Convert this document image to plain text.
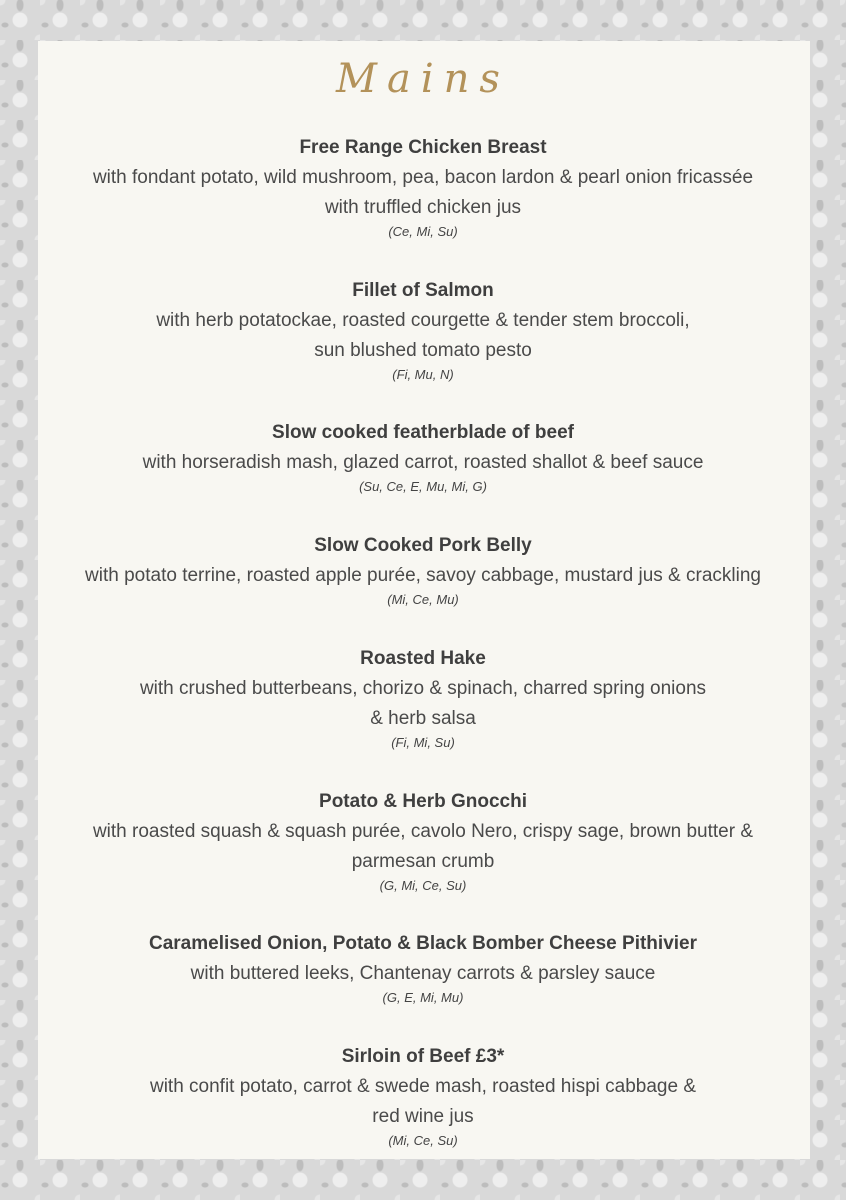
Mains
Free Range Chicken Breast
with fondant potato, wild mushroom, pea, bacon lardon & pearl onion fricassée
with truffled chicken jus
(Ce, Mi, Su)
Fillet of Salmon
with herb potatockae, roasted courgette & tender stem broccoli,
sun blushed tomato pesto
(Fi, Mu, N)
Slow cooked featherblade of beef
with horseradish mash, glazed carrot, roasted shallot & beef sauce
(Su, Ce, E, Mu, Mi, G)
Slow Cooked Pork Belly
with potato terrine, roasted apple purée, savoy cabbage, mustard jus & crackling
(Mi, Ce, Mu)
Roasted Hake
with crushed butterbeans, chorizo & spinach, charred spring onions
& herb salsa
(Fi, Mi, Su)
Potato & Herb Gnocchi
with roasted squash & squash purée, cavolo Nero, crispy sage, brown butter &
parmesan crumb
(G, Mi, Ce, Su)
Caramelised Onion, Potato & Black Bomber Cheese Pithivier
with buttered leeks, Chantenay carrots & parsley sauce
(G, E, Mi, Mu)
Sirloin of Beef £3*
with confit potato, carrot & swede mash, roasted hispi cabbage &
red wine jus
(Mi, Ce, Su)
